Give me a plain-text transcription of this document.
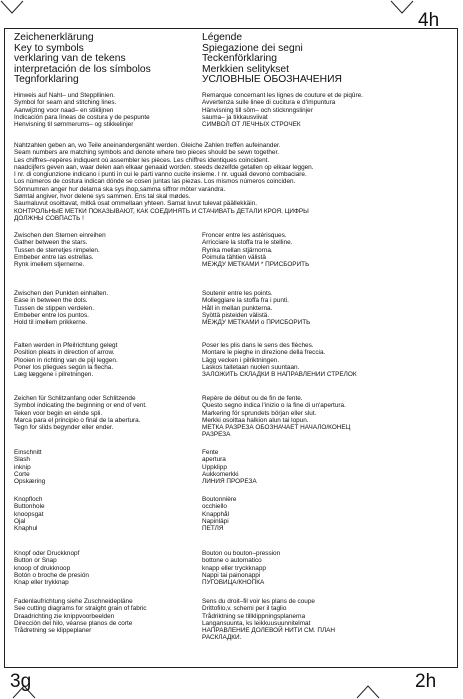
4h
3g	2h
Zeichenerklärung
Key to symbols
verklaring van de tekens
interpretación de los símbolos
Tegnforklaring
Légende
Spiegazione dei segni
Teckenförklaring
Merkkien selitykset
УСЛОВНЫЕ ОБОЗНАЧЕНИЯ
Hinweis auf Naht– und Steppllinien.
Symbol for seam and stitching lines.
Aanwijzing voor naad– en stiklijnen
Indicación para líneas de costura y de pespunte
Henvisning til sømmerums– og stikkelinjer
Remarque concernant les lignes de couture et de piqûre.
Avvertenza sulle linee di cucitura e d'impuntura
Hänvisning till söm– och sticknngslinjer
sauma– ja tikkausviivat
СИМВОЛ ОТ ЛЕЧНЫХ СТРОЧЕК
Nahtzahlen geben an, wo Teile aneinandergenäht werden. Gleiche Zahlen treffen aufeinander.
Seam numbers are matching symbols and denote where two pieces should be sewn together.
Les chiffres–repères indiquent où assembler les pièces. Les chiffres identiques coincident.
naadcijfers geven aan, waar delen aan elkaar genaaid worden. steeds dezelfde getallen op elkaar leggen.
I nr. di congiunzione indicano i punti in cui le parti vanno cucite insieme. I nr. uguali devono combaciare.
Los números de costura indican dónde se cosen juntas las piezas. Los mismos números coinciden.
Sömnumren anger hur delarna ska sys ihop,samma siffror möter varandra.
Sømtal angiver, hvor delene sys sammen. Ens tal skal mødes.
Saumaluvut osoittavat, mitkä osat ommellaan yhteen. Samat luvut tulevat päällekkäin.
КОНТРОЛЬНЫЕ МЕТКИ ПОКАЗЫВАЮТ, КАК СОЕДИНЯТЬ И СТАЧИВАТЬ ДЕТАЛИ КРОЯ. ЦИФРЫ
ДОЛЖНЫ СОВПАСТЬ !
Zwischen den Sternen einreihen
Gather between the stars.
Tussen de sterretjes rimpelen.
Embeber entre las estrellas.
Rynk imellem stjernerne.
Froncer entre les astérisques.
Arricciare la stoffa tra le stelline.
Rynka mellan stjärnorna.
Poimula tähtien välistä
МЕЖДУ МЕТКАМИ * ПРИСБОРИТЬ
Zwischen den Punkten einhalten.
Ease in between the dots.
Tussen de stippen verdelen.
Embeber entre los puntos.
Hold til imellem prikkerne.
Soutenir entre les points.
Molleggiare la stoffa fra i punti.
Håll in mellan punkterna.
Syöttä pisteiden välistä.
МЕЖДУ МЕТКАМИ о ПРИСБОРИТЬ
Falten werden in Pfeilrichtung gelegt
Position pleats in direction of arrow.
Plooien in richting van de pijl leggen.
Poner los pliegues según la flecha.
Læg læggene i pilretningen.
Poser les plis dans le sens des flèches.
Montare le pieghe in direzione della freccia.
Lägg vecken i pilriktningen.
Laskos taitetaan nuolen suuntaan.
ЗАЛОЖИТЬ СКЛАДКИ В НАПРАВЛЕНИИ СТРЕЛОК
Zeichen für Schlitzanfang oder Schlitzende
Symbol indicating the beginning or end of vent.
Teken voor begin en einde spli.
Marca para el principio o final de la abertura.
Tegn for slids begynder eller ender.
Repère de début ou de fin de fente.
Questo segno indica l'inizio o la fine di un'apertura.
Markering för sprundets början eller slut.
Merkki osoittaa halkion alun tai lopun.
МЕТКА РАЗРЕЗА ОБОЗНАЧАЕТ НАЧАЛО/КОНЕЦ
РАЗРЕЗА
Einschnitt
Slash
inknip
Corte
Opskæring
Fente
apertura
Uppklipp
Aukkomerkki
ЛИНИЯ ПРОРЕЗА
Knopfloch
Buttonhole
knoopsgat
Ojal
Knaphul
Boutonnière
occhiello
Knapphål
Napinläpi
ПЕТЛЯ
Knopf oder Druckknopf
Button or Snap
knoop of drukknoop
Botón o broche de presión
Knap eller trykknap
Bouton ou bouton–pression
bottone o automatico
knapp eller tryckknapp
Nappi tai painonappi
ПУГОВИЦА/КНОПКА
Fadenlaufrichtung siehe Zuschneidepläne
See cutting diagrams for straight grain of fabric
Draadrichting zie knippvoorbeelden
Dirección del hilo, véanse planos de corte
Trådretning se klippeplaner
Sens du droit–fil voir les plans de coupe
Drittofilo,v. schemi per il taglio
Trådriktning se tillklippningsplanerna
Langansuunta, ks leikkuusuunnitelmat
НАПРАВЛЕНИЕ ДОЛЕВОЙ НИТИ СМ. ПЛАН
РАСКЛАДКИ.
